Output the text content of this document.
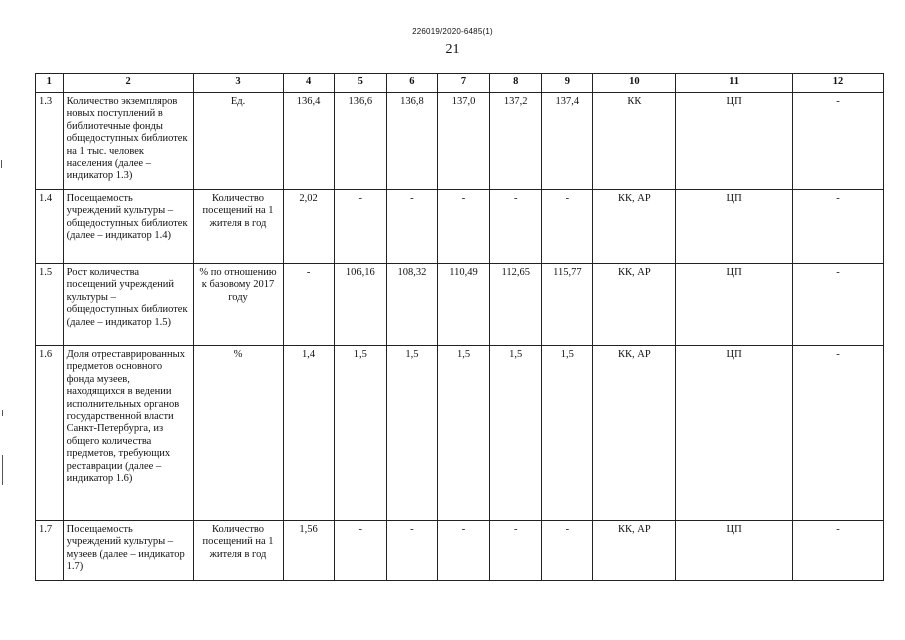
226019/2020-6485(1)
21
1	2	3	4	5	6	7	8	9	10	11	12
1.3	Количество экземпляров новых поступлений в библиотечные фонды общедоступных библиотек на 1 тыс. человек населения (далее – индикатор 1.3)	Ед.	136,4	136,6	136,8	137,0	137,2	137,4	КК	ЦП	-
1.4	Посещаемость учреждений культуры – общедоступных библиотек (далее – индикатор 1.4)	Количество посещений на 1 жителя в год	2,02	-	-	-	-	-	КК, АР	ЦП	-
1.5	Рост количества посещений учреждений культуры – общедоступных библиотек (далее – индикатор 1.5)	% по отношению к базовому 2017 году	-	106,16	108,32	110,49	112,65	115,77	КК, АР	ЦП	-
1.6	Доля отреставрированных предметов основного фонда музеев, находящихся в ведении исполнительных органов государственной власти Санкт-Петербурга, из общего количества предметов, требующих реставрации (далее – индикатор 1.6)	%	1,4	1,5	1,5	1,5	1,5	1,5	КК, АР	ЦП	-
1.7	Посещаемость учреждений культуры – музеев (далее – индикатор 1.7)	Количество посещений на 1 жителя в год	1,56	-	-	-	-	-	КК, АР	ЦП	-
